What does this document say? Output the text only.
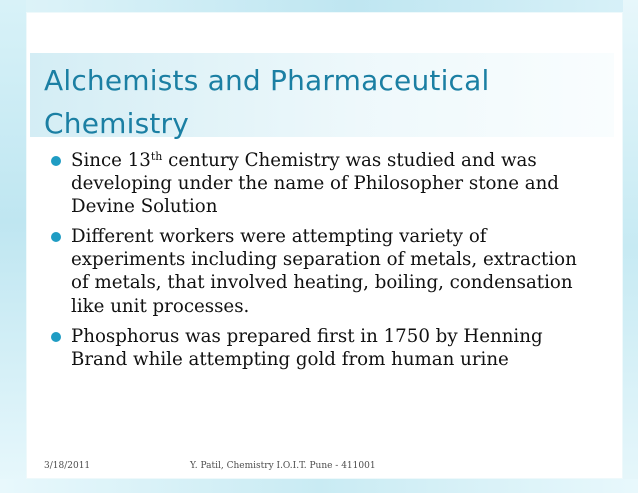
Alchemists and Pharmaceutical Chemistry
Since 13th century Chemistry was studied and was developing under the name of Philosopher stone and Devine Solution
Different workers were attempting variety of experiments including separation of metals, extraction of metals, that involved heating, boiling, condensation like unit processes.
Phosphorus was prepared first in 1750 by Henning Brand while attempting gold from human urine
3/18/2011	Y. Patil, Chemistry I.O.I.T. Pune - 411001
